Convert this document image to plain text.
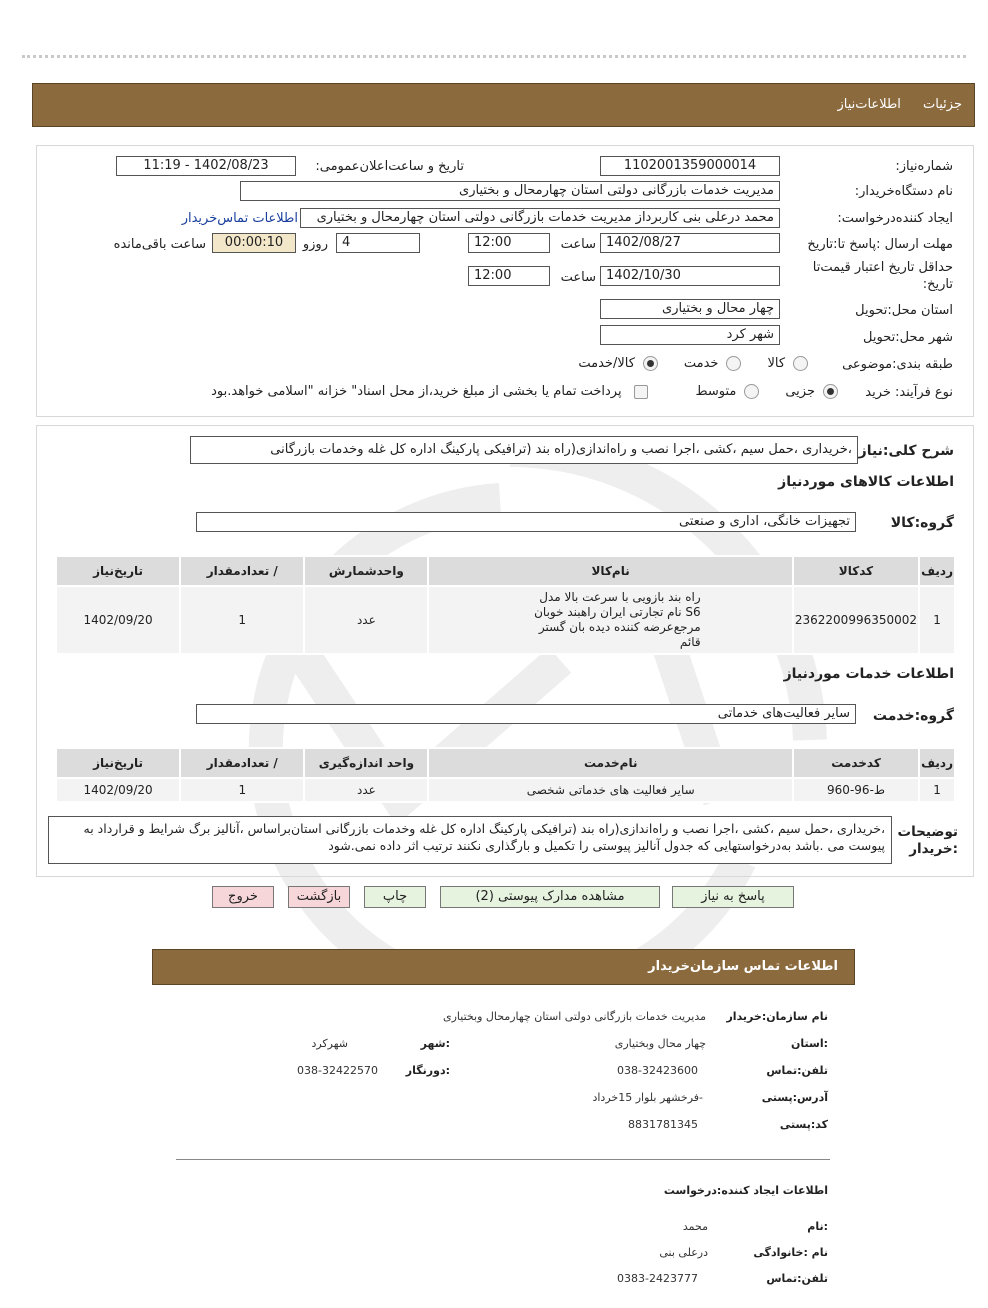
جزئیات اطلاعات‌نیاز
شماره‌نیاز:
1102001359000014
تاریخ و ساعت‌اعلان‌عمومی:
1402/08/23 - 11:19
نام دستگاه‌خریدار:
مدیریت خدمات بازرگانی دولتی استان چهارمحال و بختیاری
ایجاد کننده‌درخواست:
محمد درعلی بنی کاربرداز مدیریت خدمات بازرگانی دولتی استان چهارمحال و بختیاری
اطلاعات تماس‌خریدار
مهلت ارسال :پاسخ تا:تاریخ
1402/08/27
ساعت
12:00
4
روزو
00:00:10
ساعت باقی‌مانده
حداقل تاریخ اعتبار قیمت‌تا
تاریخ:
1402/10/30
ساعت
12:00
استان محل:تحویل
چهار محال و بختیاری
شهر محل:تحویل
شهر کرد
طبقه بندی:موضوعی
کالا  خدمت  کالا/خدمت
نوع فرآیند: خرید
جزیی  متوسط  پرداخت تمام یا بخشی از مبلغ خرید،از محل اسناد" خزانه "اسلامی خواهد.بود
شرح کلی:نیاز
،خریداری ،حمل سیم ،کشی ،اجرا نصب و راه‌اندازی(راه بند (ترافیکی پارکینگ اداره کل غله وخدمات بازرگانی
اطلاعات کالاهای مورد‌نیاز
گروه:کالا
تجهیزات خانگی، اداری و صنعتی
ردیف	کدکالا	نام‌کالا	واحدشمارش	/ تعدادمقدار	تاریخ‌نیاز
1	2362200996350002	راه بند بازویی با سرعت بالا مدل S6 نام تجارتی ایران راهبند خوبان مرجع‌عرضه کننده دیده بان گستر قائم	عدد	1	1402/09/20
اطلاعات خدمات مورد‌نیاز
گروه:خدمت
سایر فعالیت‌های خدماتی
ردیف	کدخدمت	نام‌خدمت	واحد اندازه‌گیری	/ تعدادمقدار	تاریخ‌نیاز
1	ط-96-960	سایر فعالیت های خدماتی شخصی	عدد	1	1402/09/20
توضیحات :خریدار
،خریداری ،حمل سیم ،کشی ،اجرا نصب و راه‌اندازی(راه بند (ترافیکی پارکینگ اداره کل غله وخدمات بازرگانی استان‌براساس ،آنالیز برگ شرایط و قرارداد به پیوست می .باشد به‌درخواستهایی که جدول آنالیز پیوستی را تکمیل و بارگذاری نکنند ترتیب اثر داده نمی.شود
پاسخ به نیاز
مشاهده مدارک پیوستی (2)
چاپ
بازگشت
خروج
اطلاعات تماس سازمان‌خریدار
نام سازمان:خریدار
مدیریت خدمات بازرگانی دولتی استان چهارمحال وبختیاری
:استان
چهار محال وبختیاری
:شهر
شهرکرد
تلفن:تماس
038-32423600
:دورنگار
038-32422570
آدرس:پستی
-فرخشهر بلوار 15خرداد
کد:پستی
8831781345
اطلاعات ایجاد کننده:درخواست
:نام
محمد
نام :خانوادگی
درعلی بنی
تلفن:تماس
0383-2423777
